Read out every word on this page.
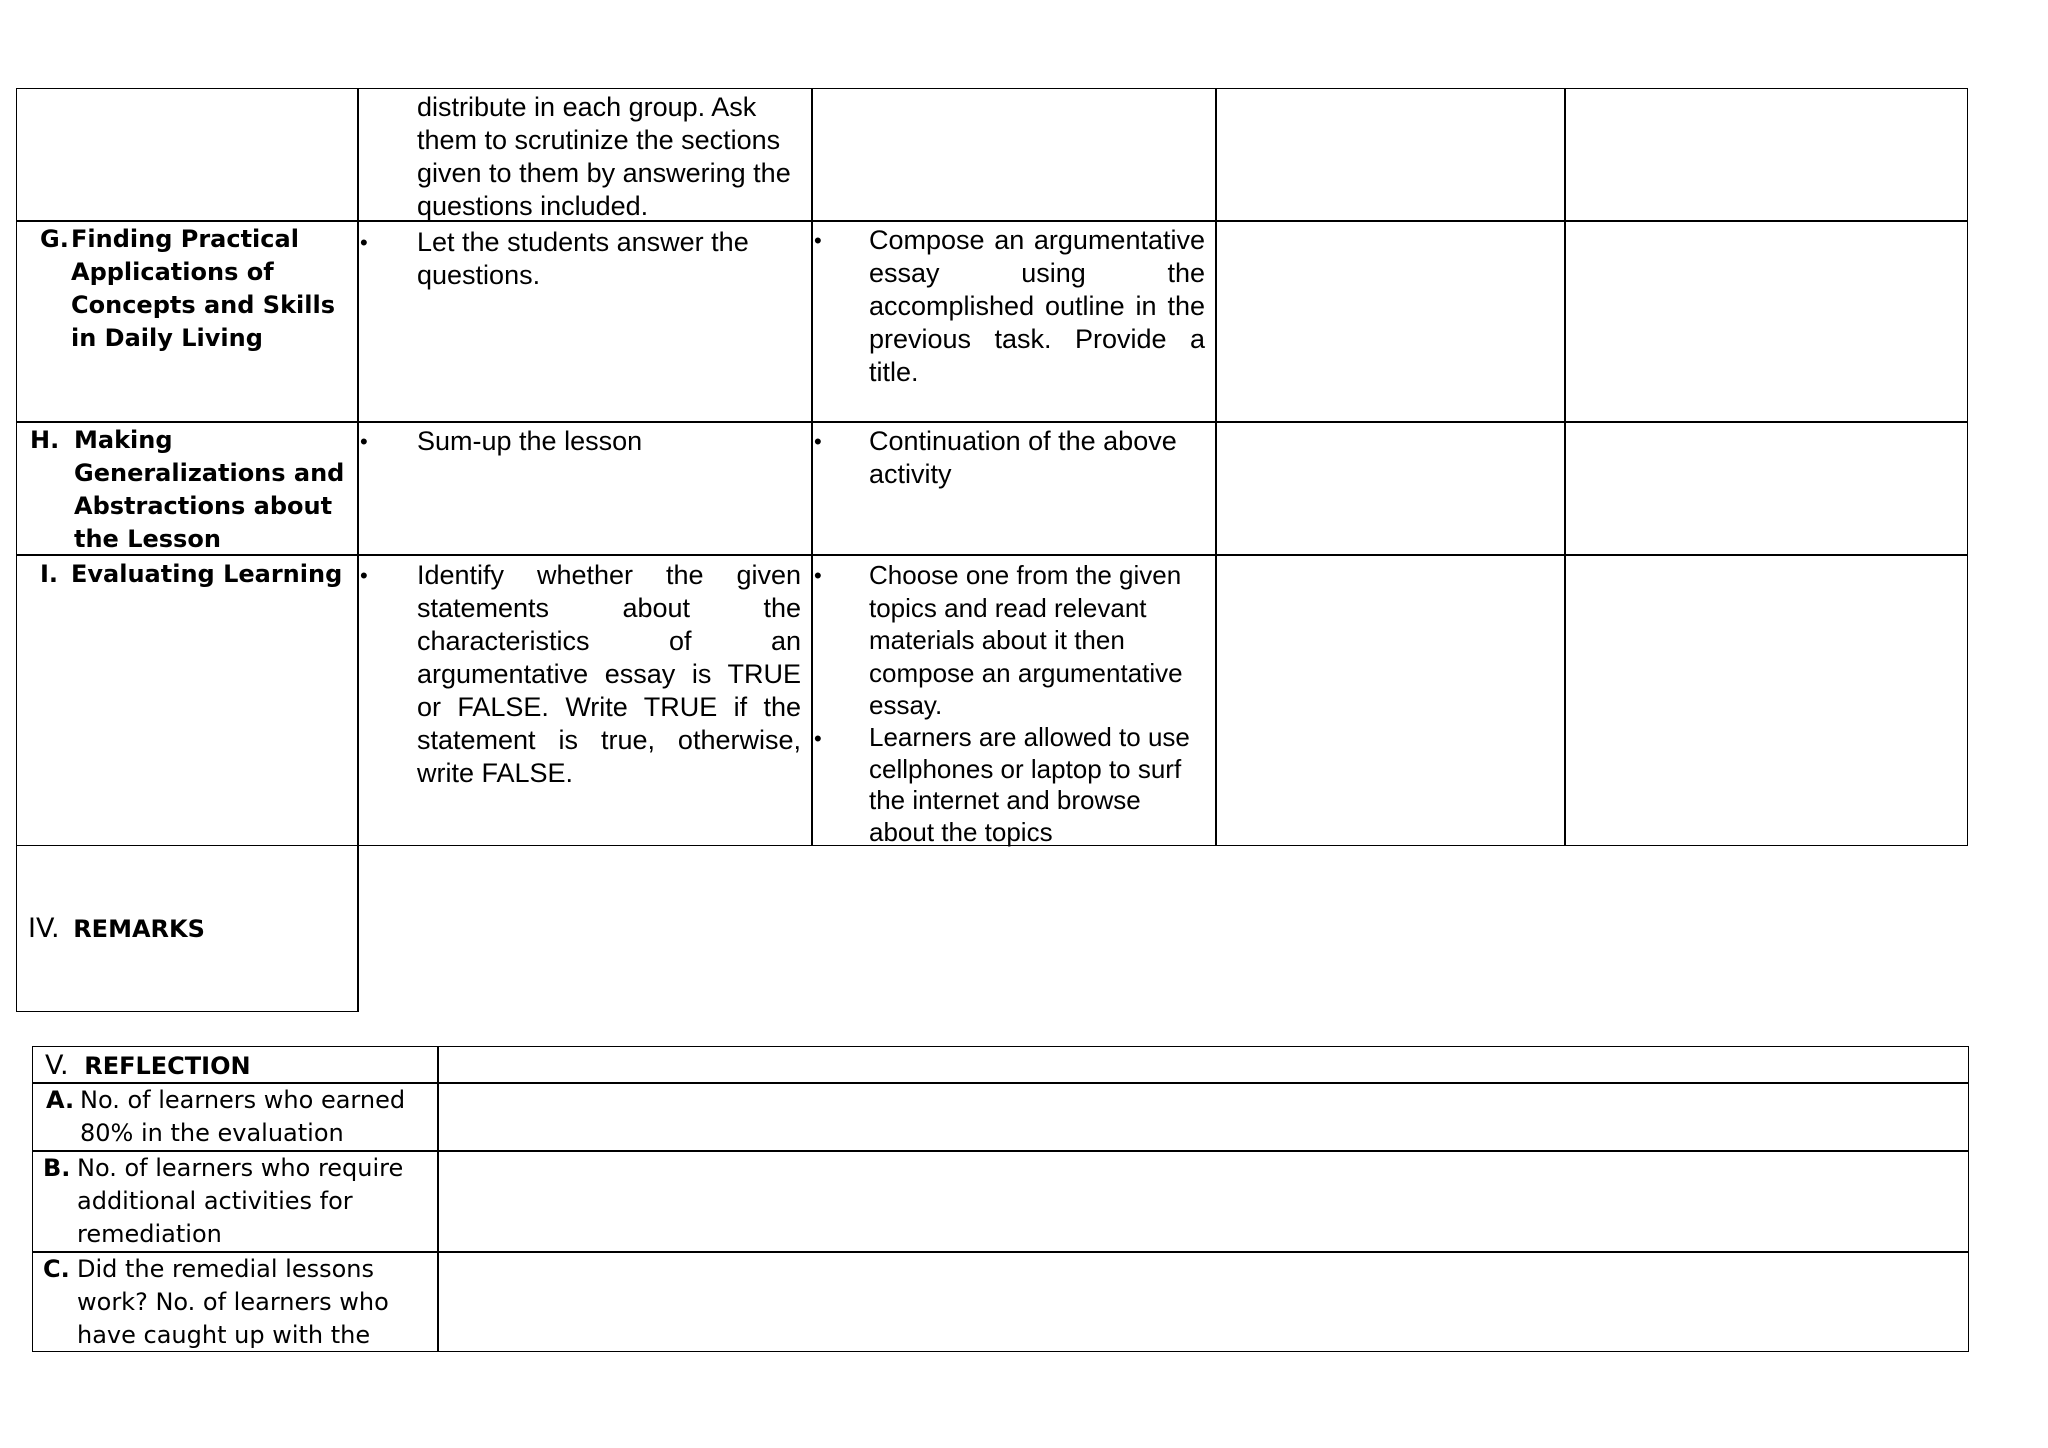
distribute in each group. Ask them to scrutinize the sections given to them by answering the questions included.
G. Finding Practical Applications of Concepts and Skills in Daily Living
• Let the students answer the questions.
• Compose an argumentative essay using the accomplished outline in the previous task. Provide a title.
H. Making Generalizations and Abstractions about the Lesson
• Sum-up the lesson	• Continuation of the above activity
I. Evaluating Learning • Identify whether the given statements about the characteristics of an argumentative essay is TRUE or FALSE. Write TRUE if the statement is true, otherwise, write FALSE.
• Choose one from the given topics and read relevant materials about it then compose an argumentative essay.
• Learners are allowed to use cellphones or laptop to surf the internet and browse about the topics
IV. REMARKS
V. REFLECTION
A. No. of learners who earned 80% in the evaluation
B. No. of learners who require additional activities for remediation
C. Did the remedial lessons work? No. of learners who have caught up with the
